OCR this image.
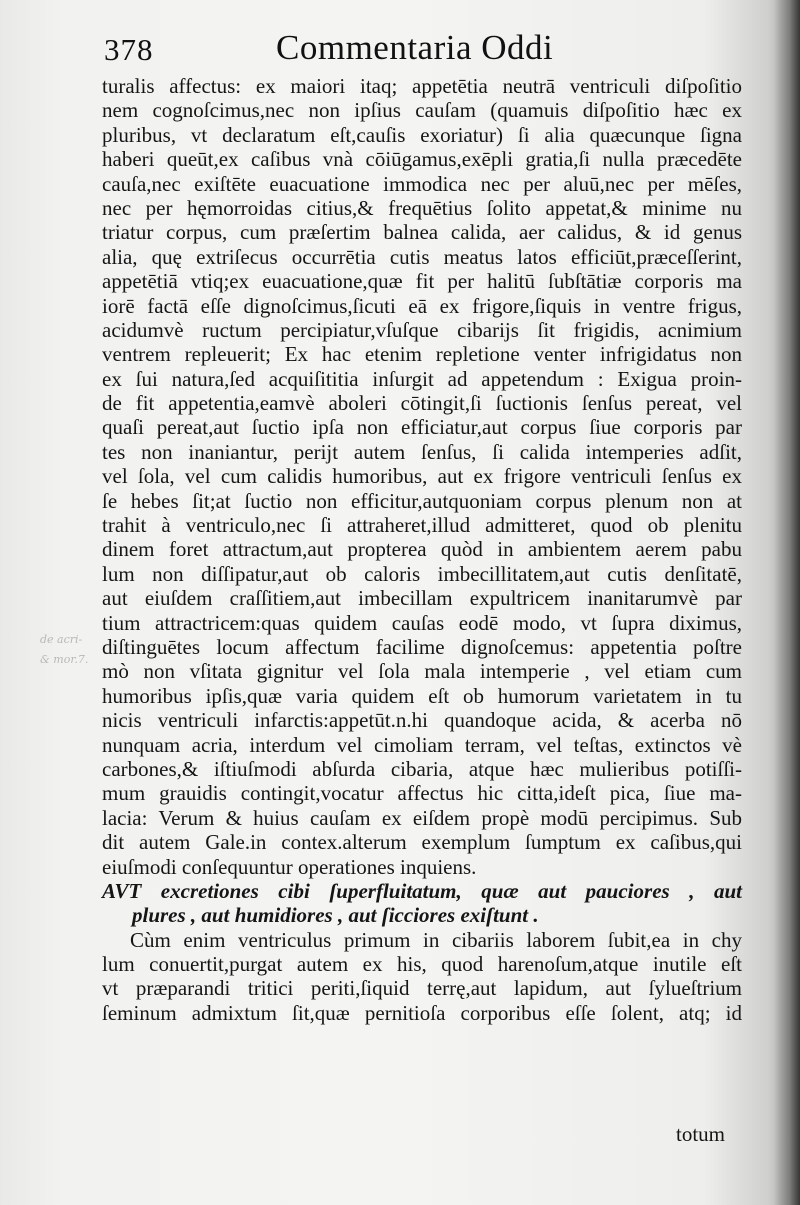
378	Commentaria Oddi
de acri-
& mor.7.
turalis affectus: ex maiori itaq; appetētia neutrā ventriculi diſpoſitio
nem cognoſcimus,nec non ipſius cauſam (quamuis diſpoſitio hæc ex
pluribus, vt declaratum eſt,cauſis exoriatur) ſi alia quæcunque ſigna
haberi queūt,ex caſibus vnà cōiūgamus,exēpli gratia,ſi nulla præcedēte
cauſa,nec exiſtēte euacuatione immodica nec per aluū,nec per mēſes,
nec per hęmorroidas citius,& frequētius ſolito appetat,& minime nu
triatur corpus, cum præſertim balnea calida, aer calidus, & id genus
alia, quę extriſecus occurrētia cutis meatus latos efficiūt,præceſſerint,
appetētiā vtiq;ex euacuatione,quæ fit per halitū ſubſtātiæ corporis ma
iorē factā eſſe dignoſcimus,ſicuti eā ex frigore,ſiquis in ventre frigus,
acidumvè ructum percipiatur,vſuſque cibarijs ſit frigidis, acnimium
ventrem repleuerit; Ex hac etenim repletione venter infrigidatus non
ex ſui natura,ſed acquiſititia inſurgit ad appetendum : Exigua proin-
de fit appetentia,eamvè aboleri cōtingit,ſi ſuctionis ſenſus pereat, vel
quaſi pereat,aut ſuctio ipſa non efficiatur,aut corpus ſiue corporis par
tes non inaniantur, perijt autem ſenſus, ſi calida intemperies adſit,
vel ſola, vel cum calidis humoribus, aut ex frigore ventriculi ſenſus ex
ſe hebes ſit;at ſuctio non efficitur,autquoniam corpus plenum non at
trahit à ventriculo,nec ſi attraheret,illud admitteret, quod ob plenitu
dinem foret attractum,aut propterea quòd in ambientem aerem pabu
lum non diſſipatur,aut ob caloris imbecillitatem,aut cutis denſitatē,
aut eiuſdem craſſitiem,aut imbecillam expultricem inanitarumvè par
tium attractricem:quas quidem cauſas eodē modo, vt ſupra diximus,
diſtinguētes locum affectum facilime dignoſcemus: appetentia poſtre
mò non vſitata gignitur vel ſola mala intemperie , vel etiam cum
humoribus ipſis,quæ varia quidem eſt ob humorum varietatem in tu
nicis ventriculi infarctis:appetūt.n.hi quandoque acida, & acerba nō
nunquam acria, interdum vel cimoliam terram, vel teſtas, extinctos vè
carbones,& iſtiuſmodi abſurda cibaria, atque hæc mulieribus potiſſi-
mum grauidis contingit,vocatur affectus hic citta,ideſt pica, ſiue ma-
lacia: Verum & huius cauſam ex eiſdem propè modū percipimus. Sub
dit autem Gale.in contex.alterum exemplum ſumptum ex caſibus,qui
eiuſmodi conſequuntur operationes inquiens.
AVT excretiones cibi ſuperfluitatum, quæ aut pauciores , aut
plures , aut humidiores , aut ſicciores exiſtunt .
Cùm enim ventriculus primum in cibariis laborem ſubit,ea in chy
lum conuertit,purgat autem ex his, quod harenoſum,atque inutile eſt
vt præparandi tritici periti,ſiquid terrę,aut lapidum, aut ſylueſtrium
ſeminum admixtum ſit,quæ pernitioſa corporibus eſſe ſolent, atq; id
totum
